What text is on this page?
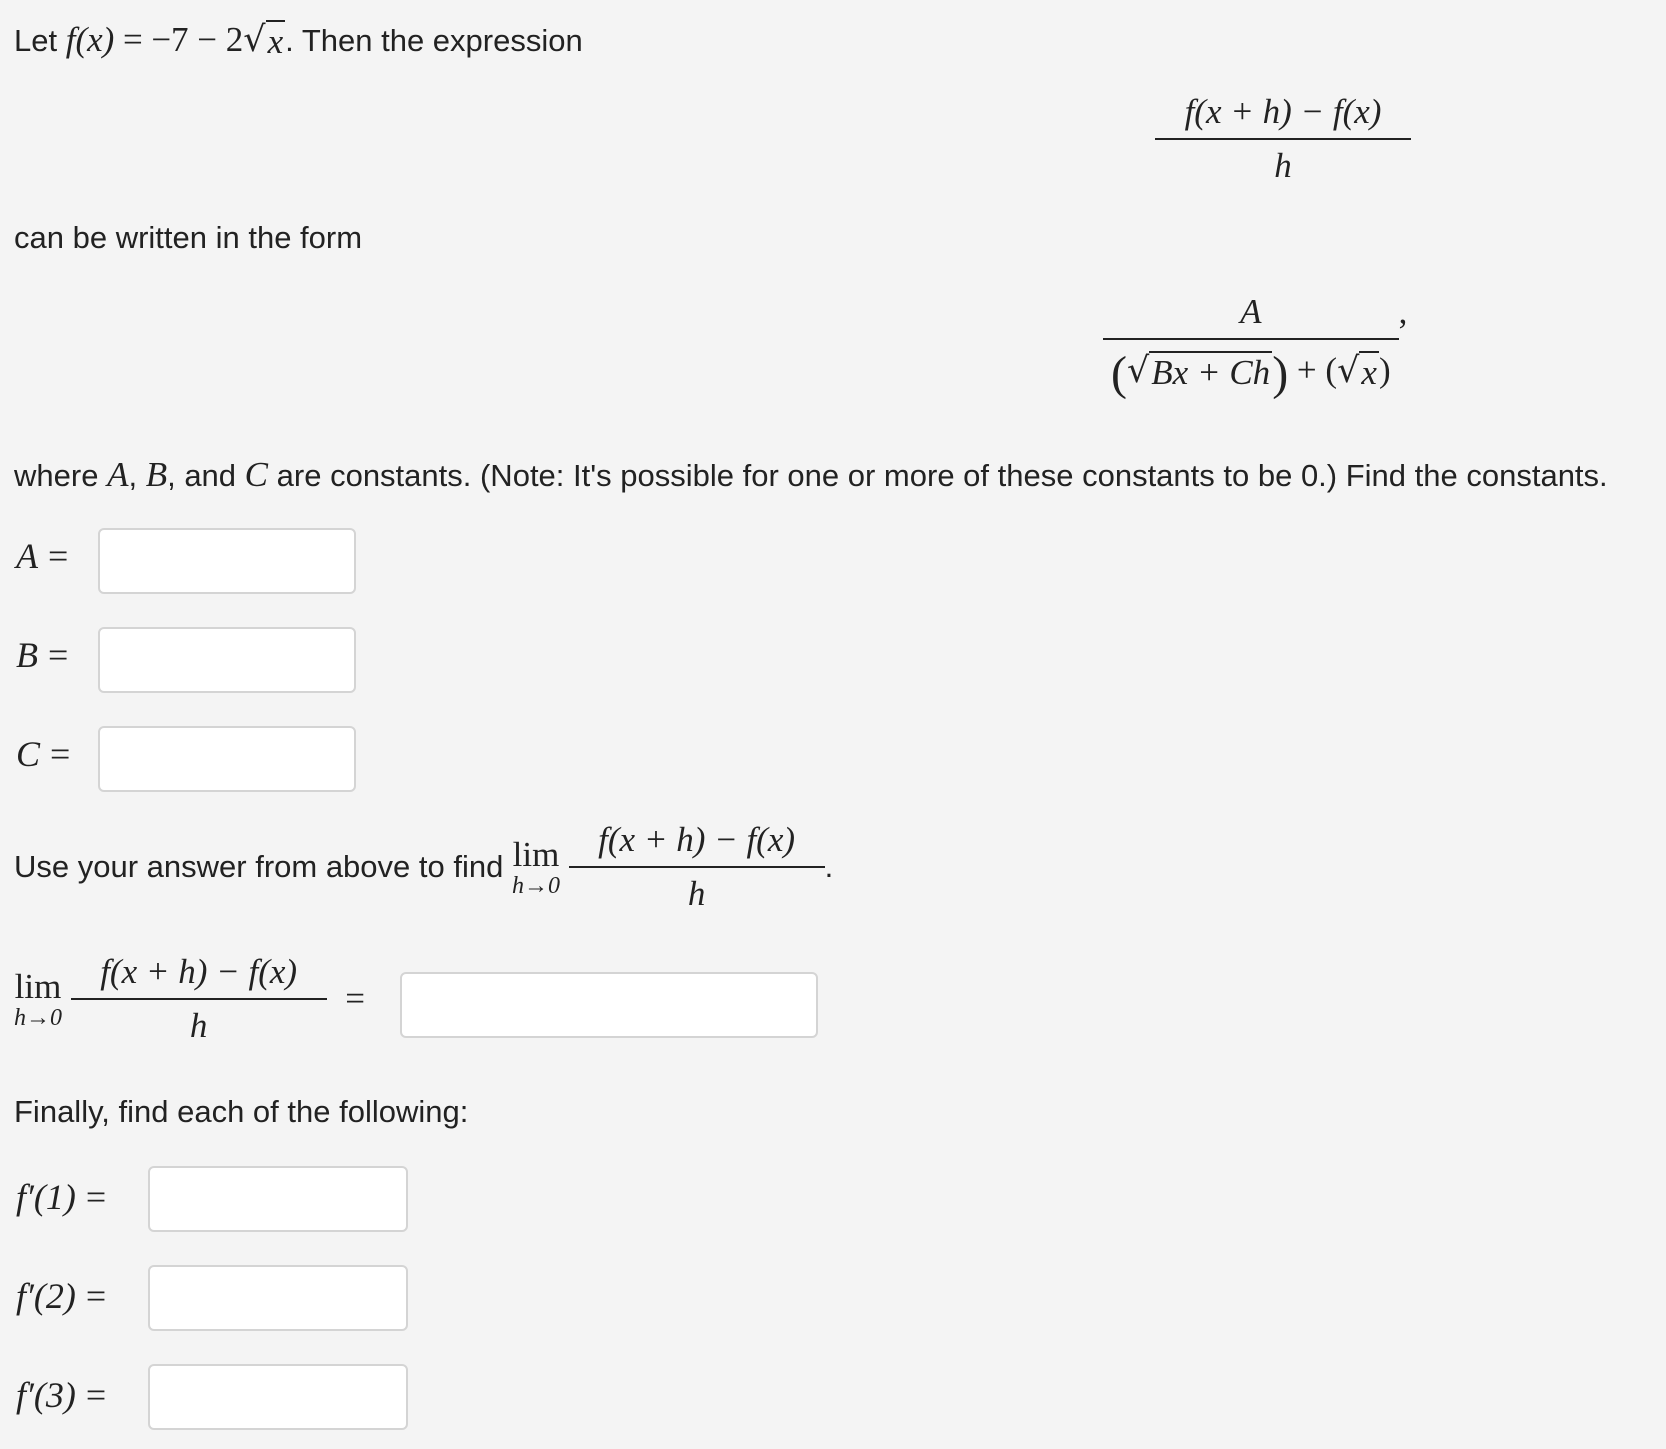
Let f(x) = −7 − 2 √ x . Then the expression
$\frac{f(x + h) - f(x)}{h}$
can be written in the form
$\frac{A}{( √ Bx + Ch ) + ( √ x )}$ ,
where A, B, and C are constants. (Note: It's possible for one or more of these constants to be 0.) Find the constants.
A =
B =
C =
Use your answer from above to find lim
h→0
$\frac{f(x + h) - f(x)}{h}$ .
lim
h→0
$\frac{f(x + h) - f(x)}{h}$ =
Finally, find each of the following:
f′(1) =
f′(2) =
f′(3) =
